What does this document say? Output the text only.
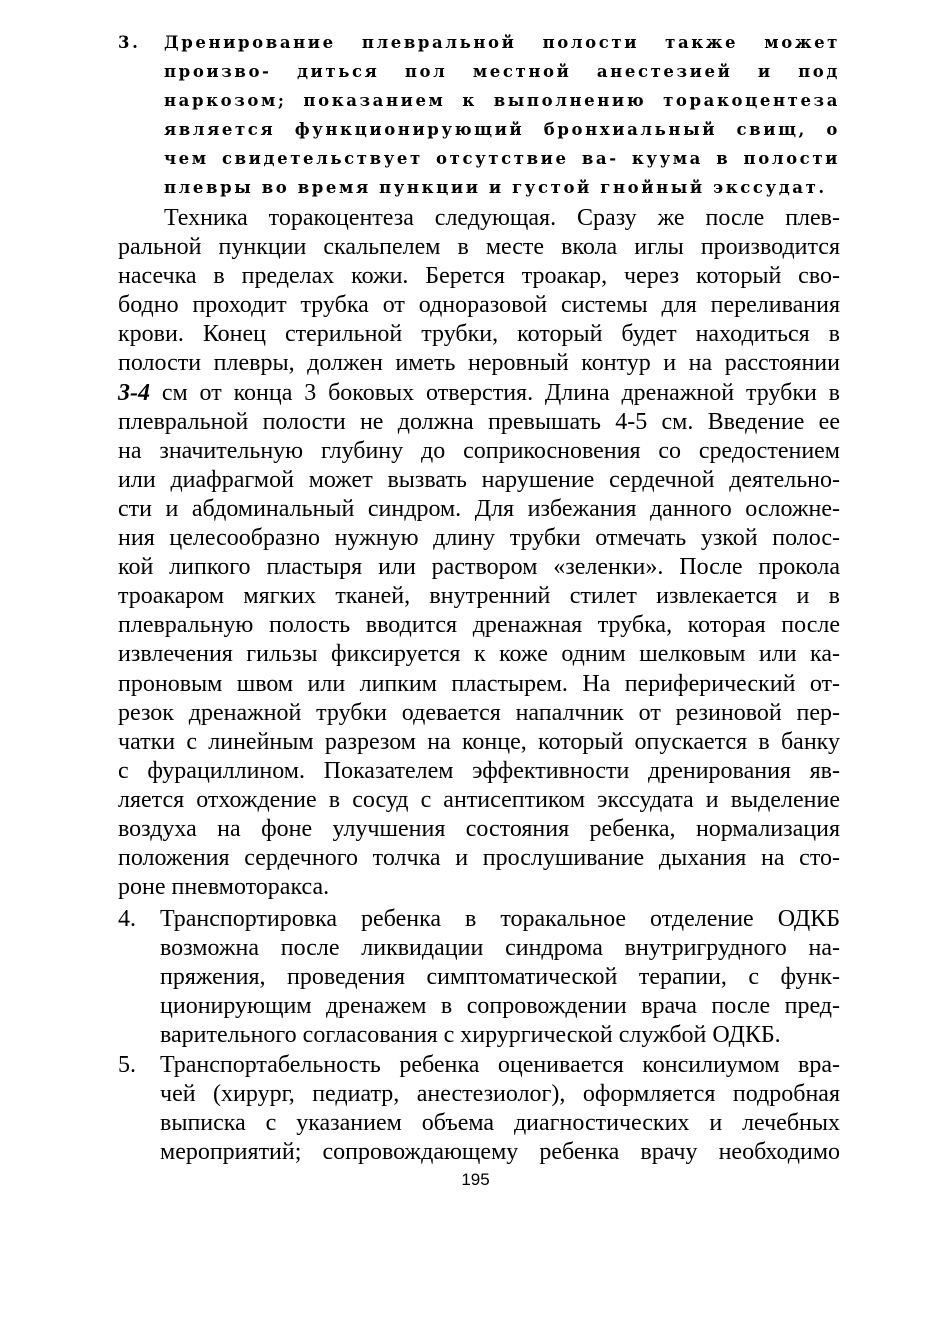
3. Дренирование плевральной полости также может произво- диться пол местной анестезией и под наркозом; показанием к выполнению торакоцентеза является функционирующий бронхиальный свищ, о чем свидетельствует отсутствие ва- куума в полости плевры во время пункции и густой гнойный экссудат.
Техника торакоцентеза следующая. Сразу же после плев-
ральной пункции скальпелем в месте вкола иглы производится
насечка в пределах кожи. Берется троакар, через который сво-
бодно проходит трубка от одноразовой системы для переливания
крови. Конец стерильной трубки, который будет находиться в
полости плевры, должен иметь неровный контур и на расстоянии
3-4 см от конца 3 боковых отверстия. Длина дренажной трубки в
плевральной полости не должна превышать 4-5 см. Введение ее
на значительную глубину до соприкосновения со средостением
или диафрагмой может вызвать нарушение сердечной деятельно-
сти и абдоминальный синдром. Для избежания данного осложне-
ния целесообразно нужную длину трубки отмечать узкой полос-
кой липкого пластыря или раствором «зеленки». После прокола
троакаром мягких тканей, внутренний стилет извлекается и в
плевральную полость вводится дренажная трубка, которая после
извлечения гильзы фиксируется к коже одним шелковым или ка-
проновым швом или липким пластырем. На периферический от-
резок дренажной трубки одевается напалчник от резиновой пер-
чатки с линейным разрезом на конце, который опускается в банку
с фурациллином. Показателем эффективности дренирования яв-
ляется отхождение в сосуд с антисептиком экссудата и выделение
воздуха на фоне улучшения состояния ребенка, нормализация
положения сердечного толчка и прослушивание дыхания на сто-
роне пневмоторакса.
4. Транспортировка ребенка в торакальное отделение ОДКБ
возможна после ликвидации синдрома внутригрудного на-
пряжения, проведения симптоматической терапии, с функ-
ционирующим дренажем в сопровождении врача после пред-
варительного согласования с хирургической службой ОДКБ.
5. Транспортабельность ребенка оценивается консилиумом вра-
чей (хирург, педиатр, анестезиолог), оформляется подробная
выписка с указанием объема диагностических и лечебных
мероприятий; сопровождающему ребенка врачу необходимо
195
